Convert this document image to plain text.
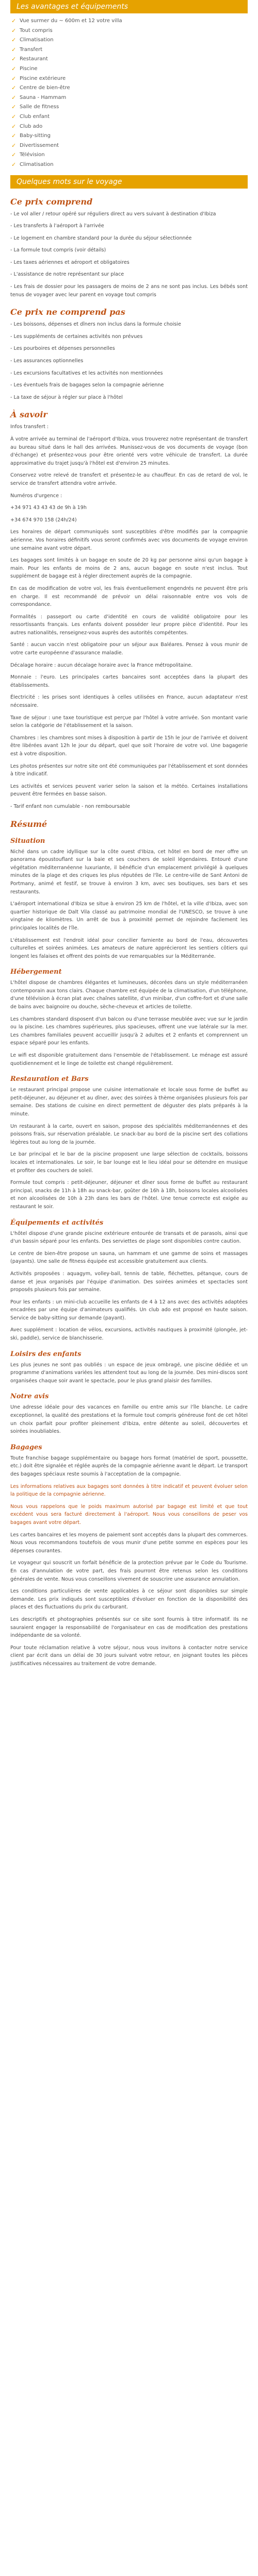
Les avantages et équipements
✓ Vue surmer du ~ 600m et 12 votre villa
✓ Tout compris
✓ Climatisation
✓ Transfert
✓ Restaurant
✓ Piscine
✓ Piscine extérieure
✓ Centre de bien-être
✓ Sauna - Hammam
✓ Salle de fitness
✓ Club enfant
✓ Club ado
✓ Baby-sitting
✓ Divertissement
✓ Télévision
✓ Climatisation
Quelques mots sur le voyage
Ce prix comprend

- Le vol aller / retour opéré sur réguliers direct au vers suivant à destination d'Ibiza

- Les transferts à l'aéroport à l'arrivée

- Le logement en chambre standard pour la durée du séjour sélectionnée

- La formule tout compris (voir détails)

- Les taxes aériennes et aéroport et obligatoires

- L'assistance de notre représentant sur place

- Les frais de dossier pour les passagers de moins de 2 ans ne sont pas inclus. Les bébés sont tenus de voyager avec leur parent en voyage tout compris

Ce prix ne comprend pas

- Les boissons, dépenses et dîners non inclus dans la formule choisie

- Les suppléments de certaines activités non prévues

- Les pourboires et dépenses personnelles

- Les assurances optionnelles

- Les excursions facultatives et les activités non mentionnées

- Les éventuels frais de bagages selon la compagnie aérienne

- La taxe de séjour à régler sur place à l'hôtel

À savoir

Infos transfert :

À votre arrivée au terminal de l'aéroport d'Ibiza, vous trouverez notre représentant de transfert au bureau situé dans le hall des arrivées. Munissez-vous de vos documents de voyage (bon d'échange) et présentez-vous pour être orienté vers votre véhicule de transfert. La durée approximative du trajet jusqu'à l'hôtel est d'environ 25 minutes.

Conservez votre relevé de transfert et présentez-le au chauffeur. En cas de retard de vol, le service de transfert attendra votre arrivée.

Numéros d'urgence :

+34 971 43 43 43 de 9h à 19h

+34 674 970 158 (24h/24)

Les horaires de départ communiqués sont susceptibles d'être modifiés par la compagnie aérienne. Vos horaires définitifs vous seront confirmés avec vos documents de voyage environ une semaine avant votre départ.

Les bagages sont limités à un bagage en soute de 20 kg par personne ainsi qu'un bagage à main. Pour les enfants de moins de 2 ans, aucun bagage en soute n'est inclus. Tout supplément de bagage est à régler directement auprès de la compagnie.

En cas de modification de votre vol, les frais éventuellement engendrés ne peuvent être pris en charge. Il est recommandé de prévoir un délai raisonnable entre vos vols de correspondance.

Formalités : passeport ou carte d'identité en cours de validité obligatoire pour les ressortissants français. Les enfants doivent posséder leur propre pièce d'identité. Pour les autres nationalités, renseignez-vous auprès des autorités compétentes.

Santé : aucun vaccin n'est obligatoire pour un séjour aux Baléares. Pensez à vous munir de votre carte européenne d'assurance maladie.

Décalage horaire : aucun décalage horaire avec la France métropolitaine.

Monnaie : l'euro. Les principales cartes bancaires sont acceptées dans la plupart des établissements.

Électricité : les prises sont identiques à celles utilisées en France, aucun adaptateur n'est nécessaire.

Taxe de séjour : une taxe touristique est perçue par l'hôtel à votre arrivée. Son montant varie selon la catégorie de l'établissement et la saison.

Chambres : les chambres sont mises à disposition à partir de 15h le jour de l'arrivée et doivent être libérées avant 12h le jour du départ, quel que soit l'horaire de votre vol. Une bagagerie est à votre disposition.

Les photos présentes sur notre site ont été communiquées par l'établissement et sont données à titre indicatif.

Les activités et services peuvent varier selon la saison et la météo. Certaines installations peuvent être fermées en basse saison.

- Tarif enfant non cumulable - non remboursable

Résumé
Situation

Niché dans un cadre idyllique sur la côte ouest d'Ibiza, cet hôtel en bord de mer offre un panorama époustouflant sur la baie et ses couchers de soleil légendaires. Entouré d'une végétation méditerranéenne luxuriante, il bénéficie d'un emplacement privilégié à quelques minutes de la plage et des criques les plus réputées de l'île. Le centre-ville de Sant Antoni de Portmany, animé et festif, se trouve à environ 3 km, avec ses boutiques, ses bars et ses restaurants.

L'aéroport international d'Ibiza se situe à environ 25 km de l'hôtel, et la ville d'Ibiza, avec son quartier historique de Dalt Vila classé au patrimoine mondial de l'UNESCO, se trouve à une vingtaine de kilomètres. Un arrêt de bus à proximité permet de rejoindre facilement les principales localités de l'île.

L'établissement est l'endroit idéal pour concilier farniente au bord de l'eau, découvertes culturelles et soirées animées. Les amateurs de nature apprécieront les sentiers côtiers qui longent les falaises et offrent des points de vue remarquables sur la Méditerranée.

Hébergement

L'hôtel dispose de chambres élégantes et lumineuses, décorées dans un style méditerranéen contemporain aux tons clairs. Chaque chambre est équipée de la climatisation, d'un téléphone, d'une télévision à écran plat avec chaînes satellite, d'un minibar, d'un coffre-fort et d'une salle de bains avec baignoire ou douche, sèche-cheveux et articles de toilette.

Les chambres standard disposent d'un balcon ou d'une terrasse meublée avec vue sur le jardin ou la piscine. Les chambres supérieures, plus spacieuses, offrent une vue latérale sur la mer. Les chambres familiales peuvent accueillir jusqu'à 2 adultes et 2 enfants et comprennent un espace séparé pour les enfants.

Le wifi est disponible gratuitement dans l'ensemble de l'établissement. Le ménage est assuré quotidiennement et le linge de toilette est changé régulièrement.

Restauration et Bars

Le restaurant principal propose une cuisine internationale et locale sous forme de buffet au petit-déjeuner, au déjeuner et au dîner, avec des soirées à thème organisées plusieurs fois par semaine. Des stations de cuisine en direct permettent de déguster des plats préparés à la minute.

Un restaurant à la carte, ouvert en saison, propose des spécialités méditerranéennes et des poissons frais, sur réservation préalable. Le snack-bar au bord de la piscine sert des collations légères tout au long de la journée.

Le bar principal et le bar de la piscine proposent une large sélection de cocktails, boissons locales et internationales. Le soir, le bar lounge est le lieu idéal pour se détendre en musique et profiter des couchers de soleil.

Formule tout compris : petit-déjeuner, déjeuner et dîner sous forme de buffet au restaurant principal, snacks de 11h à 18h au snack-bar, goûter de 16h à 18h, boissons locales alcoolisées et non alcoolisées de 10h à 23h dans les bars de l'hôtel. Une tenue correcte est exigée au restaurant le soir.

Équipements et activités

L'hôtel dispose d'une grande piscine extérieure entourée de transats et de parasols, ainsi que d'un bassin séparé pour les enfants. Des serviettes de plage sont disponibles contre caution.

Le centre de bien-être propose un sauna, un hammam et une gamme de soins et massages (payants). Une salle de fitness équipée est accessible gratuitement aux clients.

Activités proposées : aquagym, volley-ball, tennis de table, fléchettes, pétanque, cours de danse et jeux organisés par l'équipe d'animation. Des soirées animées et spectacles sont proposés plusieurs fois par semaine.

Pour les enfants : un mini-club accueille les enfants de 4 à 12 ans avec des activités adaptées encadrées par une équipe d'animateurs qualifiés. Un club ado est proposé en haute saison. Service de baby-sitting sur demande (payant).

Avec supplément : location de vélos, excursions, activités nautiques à proximité (plongée, jet-ski, paddle), service de blanchisserie.

Loisirs des enfants

Les plus jeunes ne sont pas oubliés : un espace de jeux ombragé, une piscine dédiée et un programme d'animations variées les attendent tout au long de la journée. Des mini-discos sont organisées chaque soir avant le spectacle, pour le plus grand plaisir des familles.

Notre avis

Une adresse idéale pour des vacances en famille ou entre amis sur l'île blanche. Le cadre exceptionnel, la qualité des prestations et la formule tout compris généreuse font de cet hôtel un choix parfait pour profiter pleinement d'Ibiza, entre détente au soleil, découvertes et soirées inoubliables.

Bagages

Toute franchise bagage supplémentaire ou bagage hors format (matériel de sport, poussette, etc.) doit être signalée et réglée auprès de la compagnie aérienne avant le départ. Le transport des bagages spéciaux reste soumis à l'acceptation de la compagnie.

Les informations relatives aux bagages sont données à titre indicatif et peuvent évoluer selon la politique de la compagnie aérienne.

Nous vous rappelons que le poids maximum autorisé par bagage est limité et que tout excédent vous sera facturé directement à l'aéroport. Nous vous conseillons de peser vos bagages avant votre départ.

Les cartes bancaires et les moyens de paiement sont acceptés dans la plupart des commerces. Nous vous recommandons toutefois de vous munir d'une petite somme en espèces pour les dépenses courantes.

Le voyageur qui souscrit un forfait bénéficie de la protection prévue par le Code du Tourisme. En cas d'annulation de votre part, des frais pourront être retenus selon les conditions générales de vente. Nous vous conseillons vivement de souscrire une assurance annulation.

Les conditions particulières de vente applicables à ce séjour sont disponibles sur simple demande. Les prix indiqués sont susceptibles d'évoluer en fonction de la disponibilité des places et des fluctuations du prix du carburant.

Les descriptifs et photographies présentés sur ce site sont fournis à titre informatif. Ils ne sauraient engager la responsabilité de l'organisateur en cas de modification des prestations indépendante de sa volonté.

Pour toute réclamation relative à votre séjour, nous vous invitons à contacter notre service client par écrit dans un délai de 30 jours suivant votre retour, en joignant toutes les pièces justificatives nécessaires au traitement de votre demande.
